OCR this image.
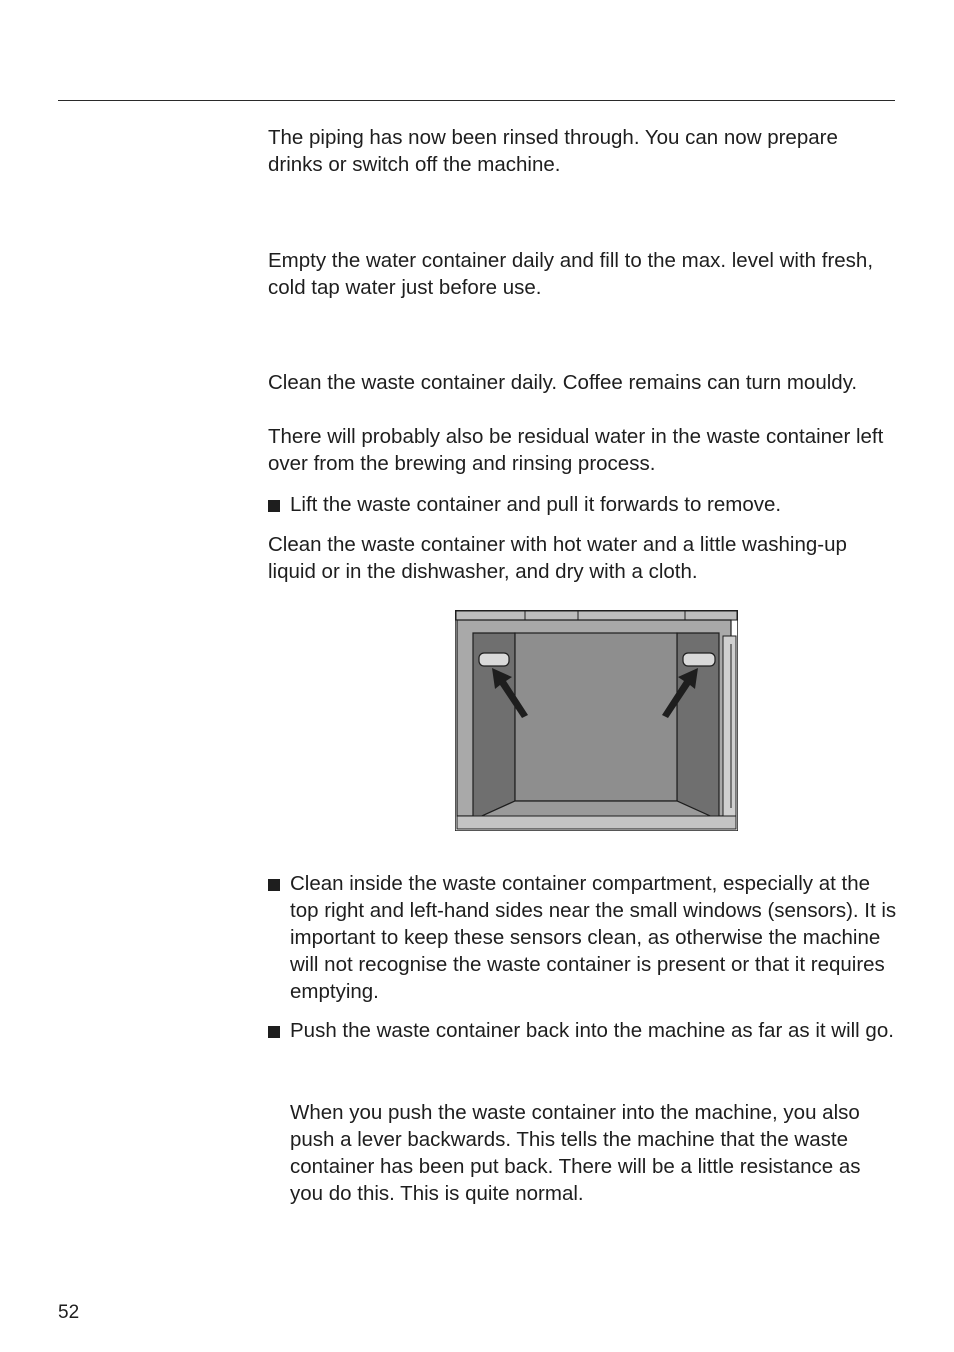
The piping has now been rinsed through. You can now prepare drinks or switch off the machine.

Empty the water container daily and fill to the max. level with fresh, cold tap water just before use.

Clean the waste container daily. Coffee remains can turn mouldy.

There will probably also be residual water in the waste container left over from the brewing and rinsing process.

Lift the waste container and pull it forwards to remove.

Clean the waste container with hot water and a little washing-up liquid or in the dishwasher, and dry with a cloth.

Clean inside the waste container compartment, especially at the top right and left-hand sides near the small windows (sensors). It is important to keep these sensors clean, as otherwise the machine will not recognise the waste container is present or that it requires emptying.
Push the waste container back into the machine as far as it will go.

When you push the waste container into the machine, you also push a lever backwards. This tells the machine that the waste container has been put back. There will be a little resistance as you do this. This is quite normal.

52
